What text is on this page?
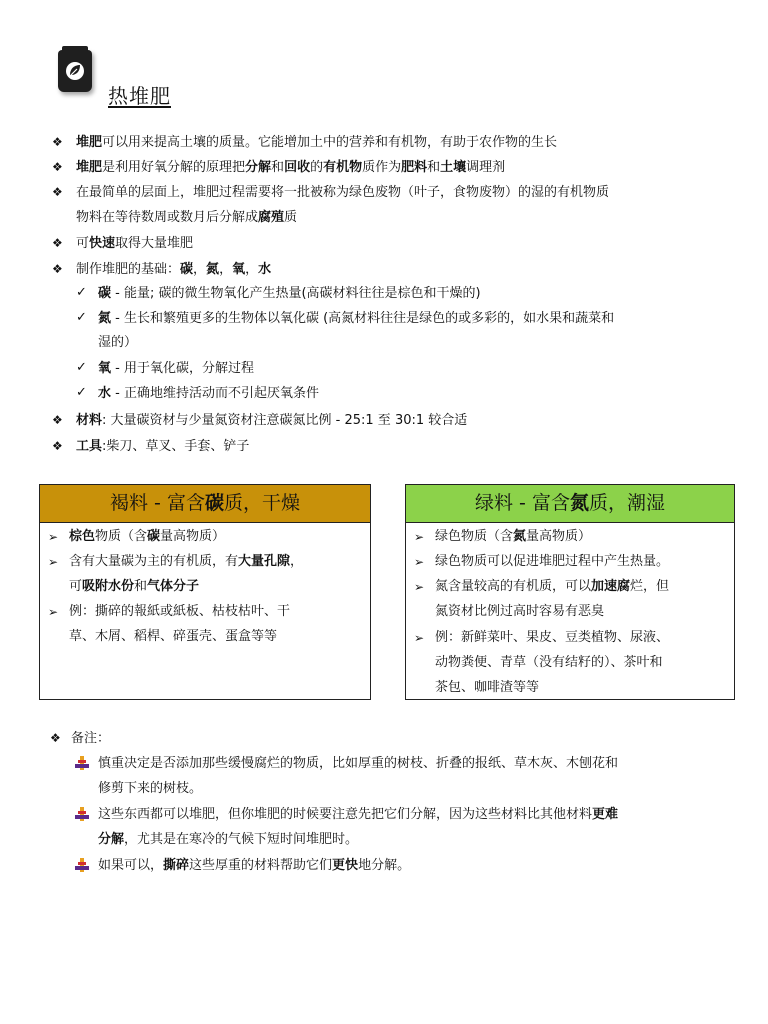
热堆肥
❖ 堆肥可以用来提高土壤的质量。它能增加土中的营养和有机物，有助于农作物的生长
❖ 堆肥是利用好氧分解的原理把分解和回收的有机物质作为肥料和土壤调理剂
❖ 在最简单的层面上，堆肥过程需要将一批被称为绿色废物（叶子，食物废物）的湿的有机物质
物料在等待数周或数月后分解成腐殖质
❖ 可快速取得大量堆肥
❖ 制作堆肥的基础：碳，氮，氧，水
✓ 碳 - 能量; 碳的微生物氧化产生热量(高碳材料往往是棕色和干燥的)
✓ 氮 - 生长和繁殖更多的生物体以氧化碳 (高氮材料往往是绿色的或多彩的，如水果和蔬菜和
湿的）
✓ 氧 - 用于氧化碳，分解过程
✓ 水 - 正确地维持活动而不引起厌氧条件
❖ 材料: 大量碳资材与少量氮资材注意碳氮比例 - 25:1 至 30:1 较合适
❖ 工具:柴刀、草叉、手套、铲子
褐料 - 富含碳质，干燥
➢ 棕色物质（含碳量高物质）
➢ 含有大量碳为主的有机质，有大量孔隙，
可吸附水份和气体分子
➢ 例：撕碎的報紙或紙板、枯枝枯叶、干
草、木屑、稻桿、碎蛋壳、蛋盒等等
绿料 - 富含氮质，潮湿
➢ 绿色物质（含氮量高物质）
➢ 绿色物质可以促进堆肥过程中产生热量。
➢ 氮含量较高的有机质，可以加速腐烂，但
氮资材比例过高时容易有恶臭
➢ 例：新鲜菜叶、果皮、豆类植物、尿液、
动物粪便、青草（没有结籽的）、茶叶和
茶包、咖啡渣等等
❖ 备注：
慎重决定是否添加那些缓慢腐烂的物质，比如厚重的树枝、折叠的报纸、草木灰、木刨花和
修剪下来的树枝。
这些东西都可以堆肥，但你堆肥的时候要注意先把它们分解，因为这些材料比其他材料更难
分解，尤其是在寒冷的气候下短时间堆肥时。
如果可以，撕碎这些厚重的材料帮助它们更快地分解。
